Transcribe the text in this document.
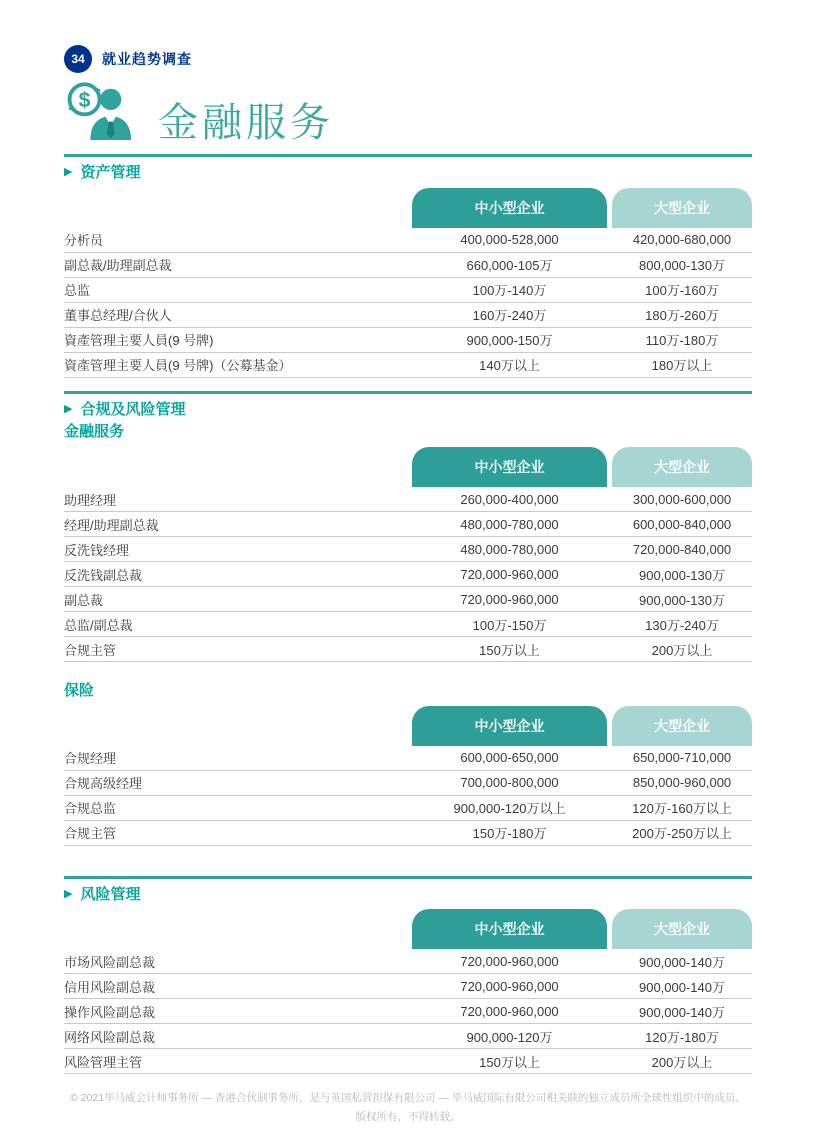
34	就业趋势调查
$
金融服务
▶ 资产管理
中小型企业	大型企业
分析员	400,000-528,000	420,000-680,000
副总裁/助理副总裁	660,000-105万	800,000-130万
总监	100万-140万	100万-160万
董事总经理/合伙人	160万-240万	180万-260万
資產管理主要人員(9 号牌)	900,000-150万	110万-180万
資產管理主要人員(9 号牌)（公募基金）	140万以上	180万以上
▶ 合规及风险管理
金融服务
中小型企业	大型企业
助理经理	260,000-400,000	300,000-600,000
经理/助理副总裁	480,000-780,000	600,000-840,000
反洗钱经理	480,000-780,000	720,000-840,000
反洗钱副总裁	720,000-960,000	900,000-130万
副总裁	720,000-960,000	900,000-130万
总监/副总裁	100万-150万	130万-240万
合规主管	150万以上	200万以上
保险
中小型企业	大型企业
合规经理	600,000-650,000	650,000-710,000
合规高级经理	700,000-800,000	850,000-960,000
合规总监	900,000-120万以上	120万-160万以上
合规主管	150万-180万	200万-250万以上
▶ 风险管理
中小型企业	大型企业
市场风险副总裁	720,000-960,000	900,000-140万
信用风险副总裁	720,000-960,000	900,000-140万
操作风险副总裁	720,000-960,000	900,000-140万
网络风险副总裁	900,000-120万	120万-180万
风险管理主管	150万以上	200万以上
© 2021毕马威会计师事务所 — 香港合伙制事务所，是与英国私营担保有限公司 — 毕马威国际有限公司相关联的独立成员所全球性组织中的成员。
版权所有，不得转载。
